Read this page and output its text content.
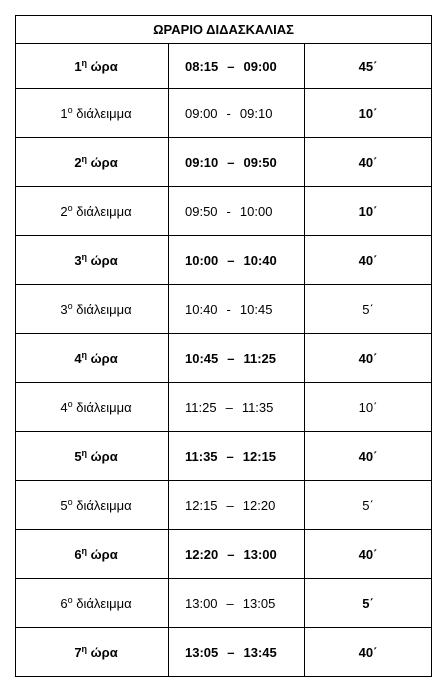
ΩΡΑΡΙΟ ΔΙΔΑΣΚΑΛΙΑΣ		
$1^\eta$ ώρα	08:15 – 09:00	45΄
$1^o$ διάλειμμα	09:00 - 09:10	10΄
$2^\eta$ ώρα	09:10 – 09:50	40΄
$2^o$ διάλειμμα	09:50 - 10:00	10΄
$3^\eta$ ώρα	10:00 – 10:40	40΄
$3^o$ διάλειμμα	10:40 - 10:45	5΄
$4^\eta$ ώρα	10:45 – 11:25	40΄
$4^o$ διάλειμμα	11:25 – 11:35	10΄
$5^\eta$ ώρα	11:35 – 12:15	40΄
$5^o$ διάλειμμα	12:15 – 12:20	5΄
$6^\eta$ ώρα	12:20 – 13:00	40΄
$6^o$ διάλειμμα	13:00 – 13:05	5΄
$7^\eta$ ώρα	13:05 – 13:45	40΄
